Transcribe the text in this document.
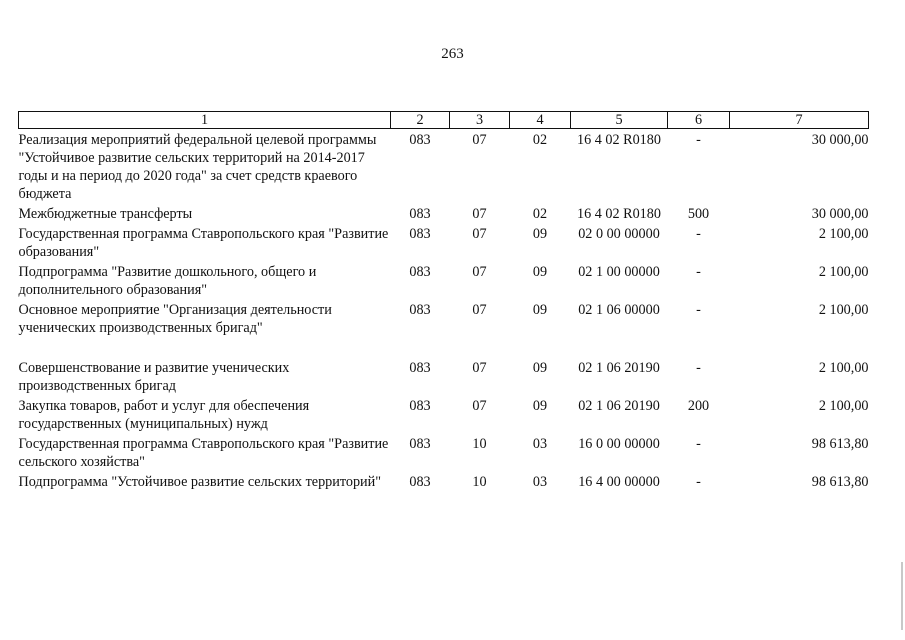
263
1	2	3	4	5	6	7
Реализация мероприятий федеральной целевой программы "Устойчивое развитие сельских территорий на 2014-2017 годы и на период до 2020 года" за счет средств краевого бюджета	083	07	02	16 4 02 R0180	-	30 000,00
Межбюджетные трансферты	083	07	02	16 4 02 R0180	500	30 000,00
Государственная программа Ставропольского края "Развитие образования"	083	07	09	02 0 00 00000	-	2 100,00
Подпрограмма "Развитие дошкольного, общего и дополнительного образования"	083	07	09	02 1 00 00000	-	2 100,00
Основное мероприятие "Организация деятельности ученических производственных бригад"	083	07	09	02 1 06 00000	-	2 100,00
Совершенствование и развитие ученических производственных бригад	083	07	09	02 1 06 20190	-	2 100,00
Закупка товаров, работ и услуг для обеспечения государственных (муниципальных) нужд	083	07	09	02 1 06 20190	200	2 100,00
Государственная программа Ставропольского края "Развитие сельского хозяйства"	083	10	03	16 0 00 00000	-	98 613,80
Подпрограмма "Устойчивое развитие сельских территорий"	083	10	03	16 4 00 00000	-	98 613,80
